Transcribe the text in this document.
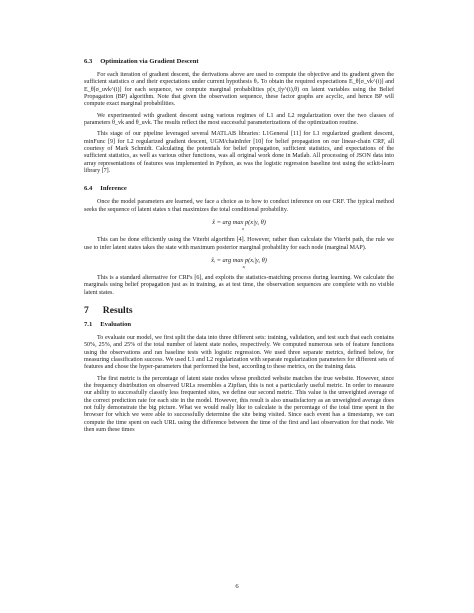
6.3 Optimization via Gradient Descent

For each iteration of gradient descent, the derivations above are used to compute the objective and its gradient given the sufficient statistics σ and their expectations under current hypothesis θᵢ. To obtain the required expectations E_θ[σ_vk^(i)] and E_θ[σ_uvk^(i)] for each sequence, we compute marginal probabilities p(x_t|y^(i),θ) on latent variables using the Belief Propagation (BP) algorithm. Note that given the observation sequence, these factor graphs are acyclic, and hence BP will compute exact marginal probabilities.

We experimented with gradient descent using various regimes of L1 and L2 regularization over the two classes of parameters θ_vk and θ_uvk. The results reflect the most successful parameterizations of the optimization routine.

This stage of our pipeline leveraged several MATLAB libraries: L1General [11] for L1 regularized gradient descent, minFunc [9] for L2 regularized gradient descent, UGM/chainInfer [10] for belief propagation on our linear-chain CRF, all courtesy of Mark Schmidt. Calculating the potentials for belief propagation, sufficient statistics, and expectations of the sufficient statistics, as well as various other functions, was all original work done in Matlab. All processing of JSON data into array representations of features was implemented in Python, as was the logistic regression baseline test using the scikit-learn library [7].

6.4 Inference

Once the model parameters are learned, we face a choice as to how to conduct inference on our CRF. The typical method seeks the sequence of latent states x that maximizes the total conditional probability.

x̂ = arg max p(x|y, θ)
x

This can be done efficiently using the Viterbi algorithm [4]. However, rather than calculate the Viterbi path, the rule we use to infer latent states takes the state with maximum posterior marginal probability for each node (marginal MAP).

x̂ᵢ = arg max p(xᵢ|y, θ)
xᵢ

This is a standard alternative for CRFs [6], and exploits the statistics-matching process during learning. We calculate the marginals using belief propagation just as in training, as at test time, the observation sequences are complete with no visible latent states.

7 Results
7.1 Evaluation

To evaluate our model, we first split the data into three different sets: training, validation, and test such that each contains 50%, 25%, and 25% of the total number of latent state nodes, respectively. We computed numerous sets of feature functions using the observations and ran baseline tests with logistic regression. We used three separate metrics, defined below, for measuring classification success. We used L1 and L2 regularization with separate regularization parameters for different sets of features and chose the hyper-parameters that performed the best, according to these metrics, on the training data.

The first metric is the percentage of latent state nodes whose predicted website matches the true website. However, since the frequency distribution on observed URLs resembles a Zipfian, this is not a particularly useful metric. In order to measure our ability to successfully classify less frequented sites, we define our second metric. This value is the unweighted average of the correct prediction rate for each site in the model. However, this result is also unsatisfactory as an unweighted average does not fully demonstrate the big picture. What we would really like to calculate is the percentage of the total time spent in the browser for which we were able to successfully determine the site being visited. Since each event has a timestamp, we can compute the time spent on each URL using the difference between the time of the first and last observation for that node. We then sum these times

6
